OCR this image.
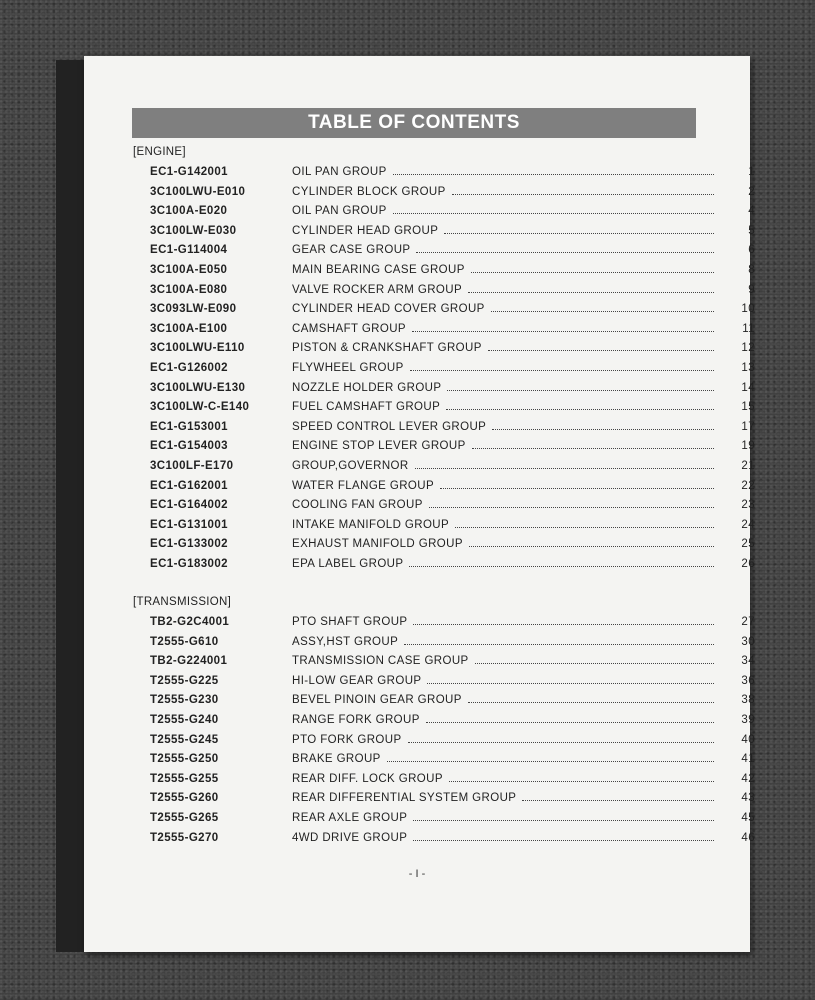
TABLE OF CONTENTS
[ENGINE]
EC1-G142001	OIL PAN GROUP	1
3C100LWU-E010	CYLINDER BLOCK GROUP	2
3C100A-E020	OIL PAN GROUP	4
3C100LW-E030	CYLINDER HEAD GROUP	5
EC1-G114004	GEAR CASE GROUP	6
3C100A-E050	MAIN BEARING CASE GROUP	8
3C100A-E080	VALVE ROCKER ARM GROUP	9
3C093LW-E090	CYLINDER HEAD COVER GROUP	10
3C100A-E100	CAMSHAFT GROUP	11
3C100LWU-E110	PISTON & CRANKSHAFT GROUP	12
EC1-G126002	FLYWHEEL GROUP	13
3C100LWU-E130	NOZZLE HOLDER GROUP	14
3C100LW-C-E140	FUEL CAMSHAFT GROUP	15
EC1-G153001	SPEED CONTROL LEVER GROUP	17
EC1-G154003	ENGINE STOP LEVER GROUP	19
3C100LF-E170	GROUP,GOVERNOR	21
EC1-G162001	WATER FLANGE GROUP	22
EC1-G164002	COOLING FAN GROUP	23
EC1-G131001	INTAKE MANIFOLD GROUP	24
EC1-G133002	EXHAUST MANIFOLD GROUP	25
EC1-G183002	EPA LABEL GROUP	26
[TRANSMISSION]
TB2-G2C4001	PTO SHAFT GROUP	27
T2555-G610	ASSY,HST GROUP	30
TB2-G224001	TRANSMISSION CASE GROUP	34
T2555-G225	HI-LOW GEAR GROUP	36
T2555-G230	BEVEL PINOIN GEAR GROUP	38
T2555-G240	RANGE FORK GROUP	39
T2555-G245	PTO FORK GROUP	40
T2555-G250	BRAKE GROUP	41
T2555-G255	REAR DIFF. LOCK GROUP	42
T2555-G260	REAR DIFFERENTIAL SYSTEM GROUP	43
T2555-G265	REAR AXLE GROUP	45
T2555-G270	4WD DRIVE GROUP	46
- I -
